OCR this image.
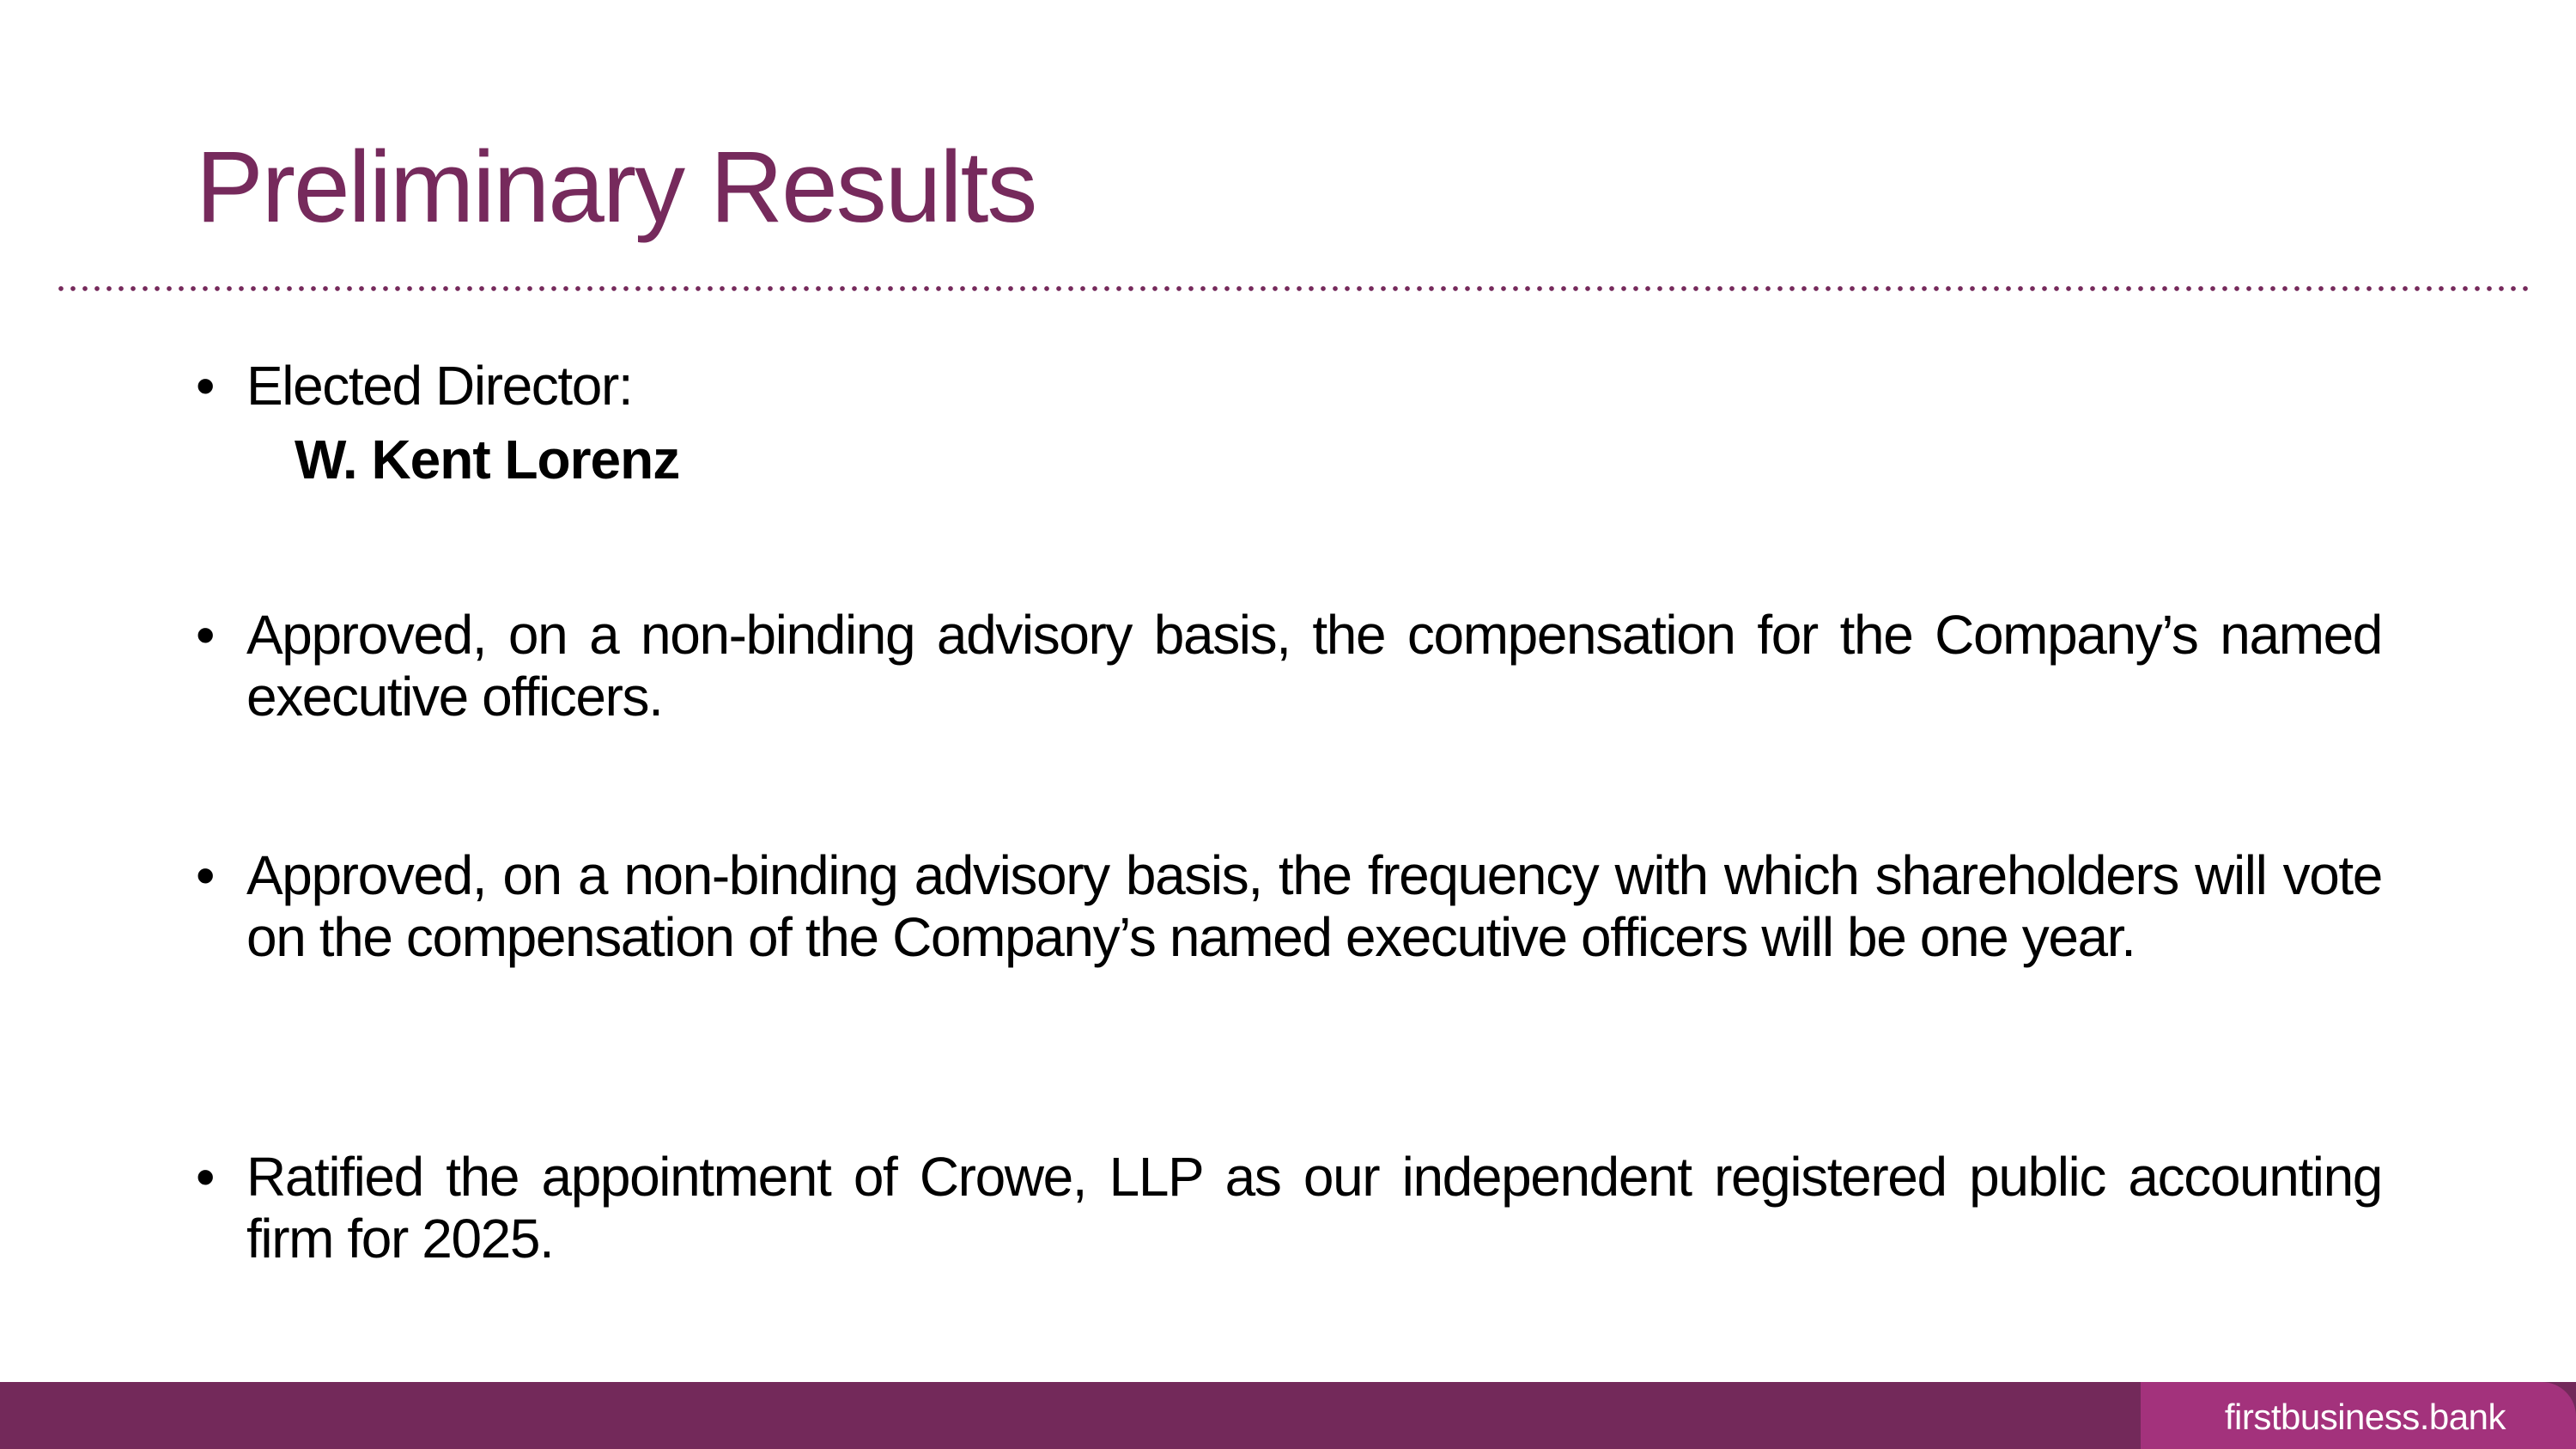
Preliminary Results
• Elected Director:
W. Kent Lorenz
• Approved, on a non-binding advisory basis, the compensation for the Company’s named executive officers.
• Approved, on a non-binding advisory basis, the frequency with which shareholders will vote on the compensation of the Company’s named executive officers will be one year.
• Ratified the appointment of Crowe, LLP as our independent registered public accounting firm for 2025.
firstbusiness.bank
